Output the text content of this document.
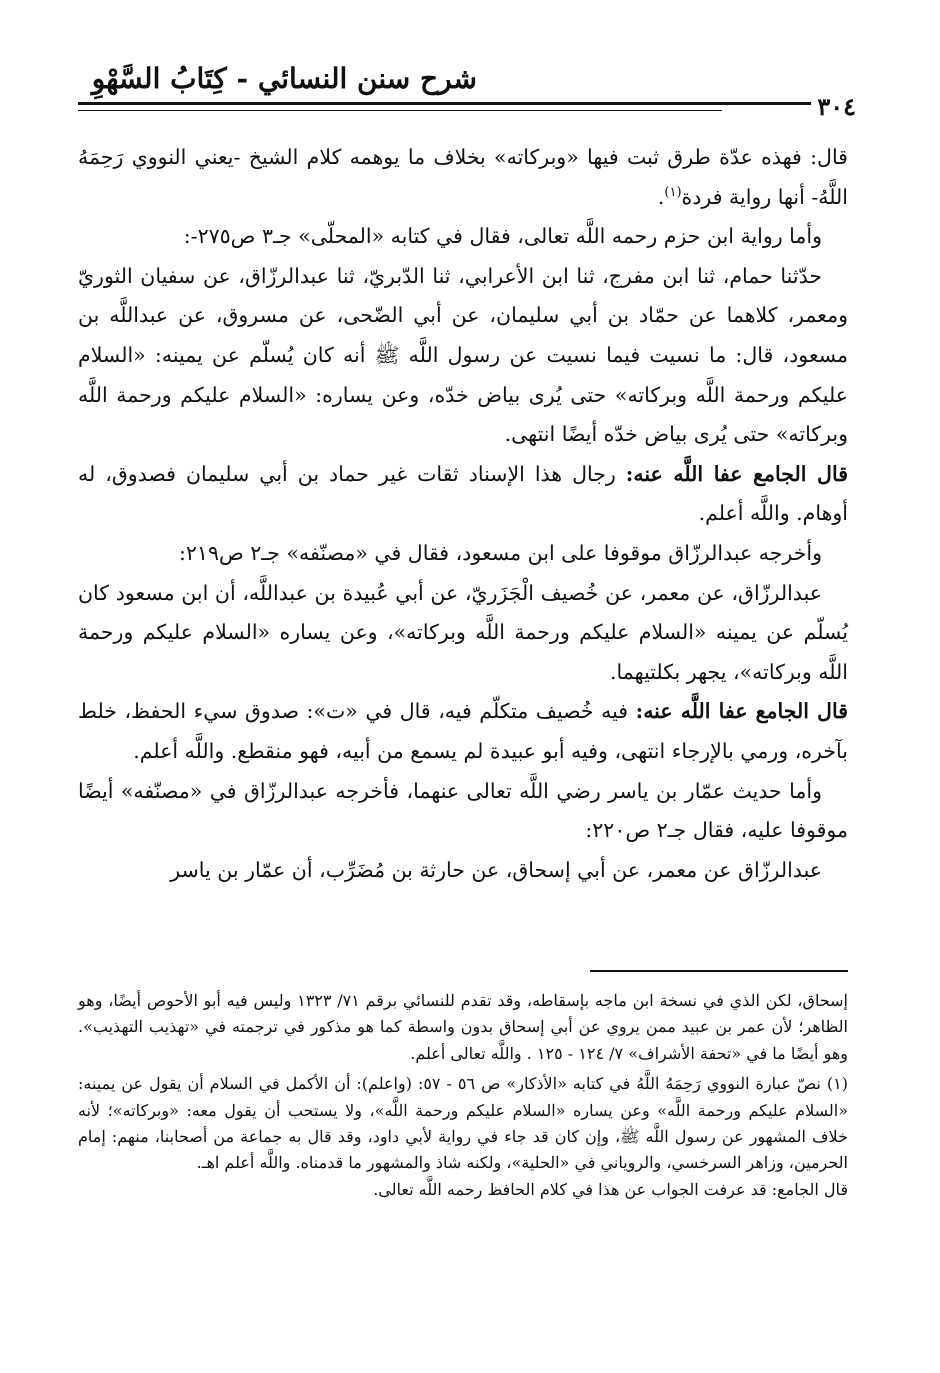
شرح سنن النسائي - كِتَابُ السَّهْوِ
٣٠٤

قال: فهذه عدّة طرق ثبت فيها «وبركاته» بخلاف ما يوهمه كلام الشيخ -يعني النووي رَحِمَهُ اللَّهُ- أنها رواية فردة$^{(١)}$.

وأما رواية ابن حزم رحمه اللَّه تعالى، فقال في كتابه «المحلّى» جـ٣ ص٢٧٥-:

حدّثنا حمام، ثنا ابن مفرج، ثنا ابن الأعرابي، ثنا الدّبريّ، ثنا عبدالرزّاق، عن سفيان الثوريّ ومعمر، كلاهما عن حمّاد بن أبي سليمان، عن أبي الضّحى، عن مسروق، عن عبداللَّه بن مسعود، قال: ما نسيت فيما نسيت عن رسول اللَّه ﷺ أنه كان يُسلّم عن يمينه: «السلام عليكم ورحمة اللَّه وبركاته» حتى يُرى بياض خدّه، وعن يساره: «السلام عليكم ورحمة اللَّه وبركاته» حتى يُرى بياض خدّه أيضًا انتهى.

قال الجامع عفا اللَّه عنه: رجال هذا الإسناد ثقات غير حماد بن أبي سليمان فصدوق، له أوهام. واللَّه أعلم.

وأخرجه عبدالرزّاق موقوفا على ابن مسعود، فقال في «مصنّفه» جـ٢ ص٢١٩:

عبدالرزّاق، عن معمر، عن خُصيف الْجَزَريّ، عن أبي عُبيدة بن عبداللَّه، أن ابن مسعود كان يُسلّم عن يمينه «السلام عليكم ورحمة اللَّه وبركاته»، وعن يساره «السلام عليكم ورحمة اللَّه وبركاته»، يجهر بكلتيهما.

قال الجامع عفا اللَّه عنه: فيه خُصيف متكلّم فيه، قال في «ت»: صدوق سيء الحفظ، خلط بآخره، ورمي بالإرجاء انتهى، وفيه أبو عبيدة لم يسمع من أبيه، فهو منقطع. واللَّه أعلم.

وأما حديث عمّار بن ياسر رضي اللَّه تعالى عنهما، فأخرجه عبدالرزّاق في «مصنّفه» أيضًا موقوفا عليه، فقال جـ٢ ص٢٢٠:

عبدالرزّاق عن معمر، عن أبي إسحاق، عن حارثة بن مُضَرِّب، أن عمّار بن ياسر

إسحاق، لكن الذي في نسخة ابن ماجه بإسقاطه، وقد تقدم للنسائي برقم ٧١/ ١٣٢٣ وليس فيه أبو الأحوص أيضًا، وهو الظاهر؛ لأن عمر بن عبيد ممن يروي عن أبي إسحاق بدون واسطة كما هو مذكور في ترجمته في «تهذيب التهذيب». وهو أيضًا ما في «تحفة الأشراف» ٧/ ١٢٤ - ١٢٥ . واللَّه تعالى أعلم.

(١) نصّ عبارة النووي رَحِمَهُ اللَّهُ في كتابه «الأذكار» ص ٥٦ - ٥٧: (واعلم): أن الأكمل في السلام أن يقول عن يمينه: «السلام عليكم ورحمة اللَّه» وعن يساره «السلام عليكم ورحمة اللَّه»، ولا يستحب أن يقول معه: «وبركاته»؛ لأنه خلاف المشهور عن رسول اللَّه ﷺ، وإن كان قد جاء في رواية لأبي داود، وقد قال به جماعة من أصحابنا، منهم: إمام الحرمين، وزاهر السرخسي، والروياني في «الحلية»، ولكنه شاذ والمشهور ما قدمناه. واللَّه أعلم اهـ.

قال الجامع: قد عرفت الجواب عن هذا في كلام الحافظ رحمه اللَّه تعالى.
